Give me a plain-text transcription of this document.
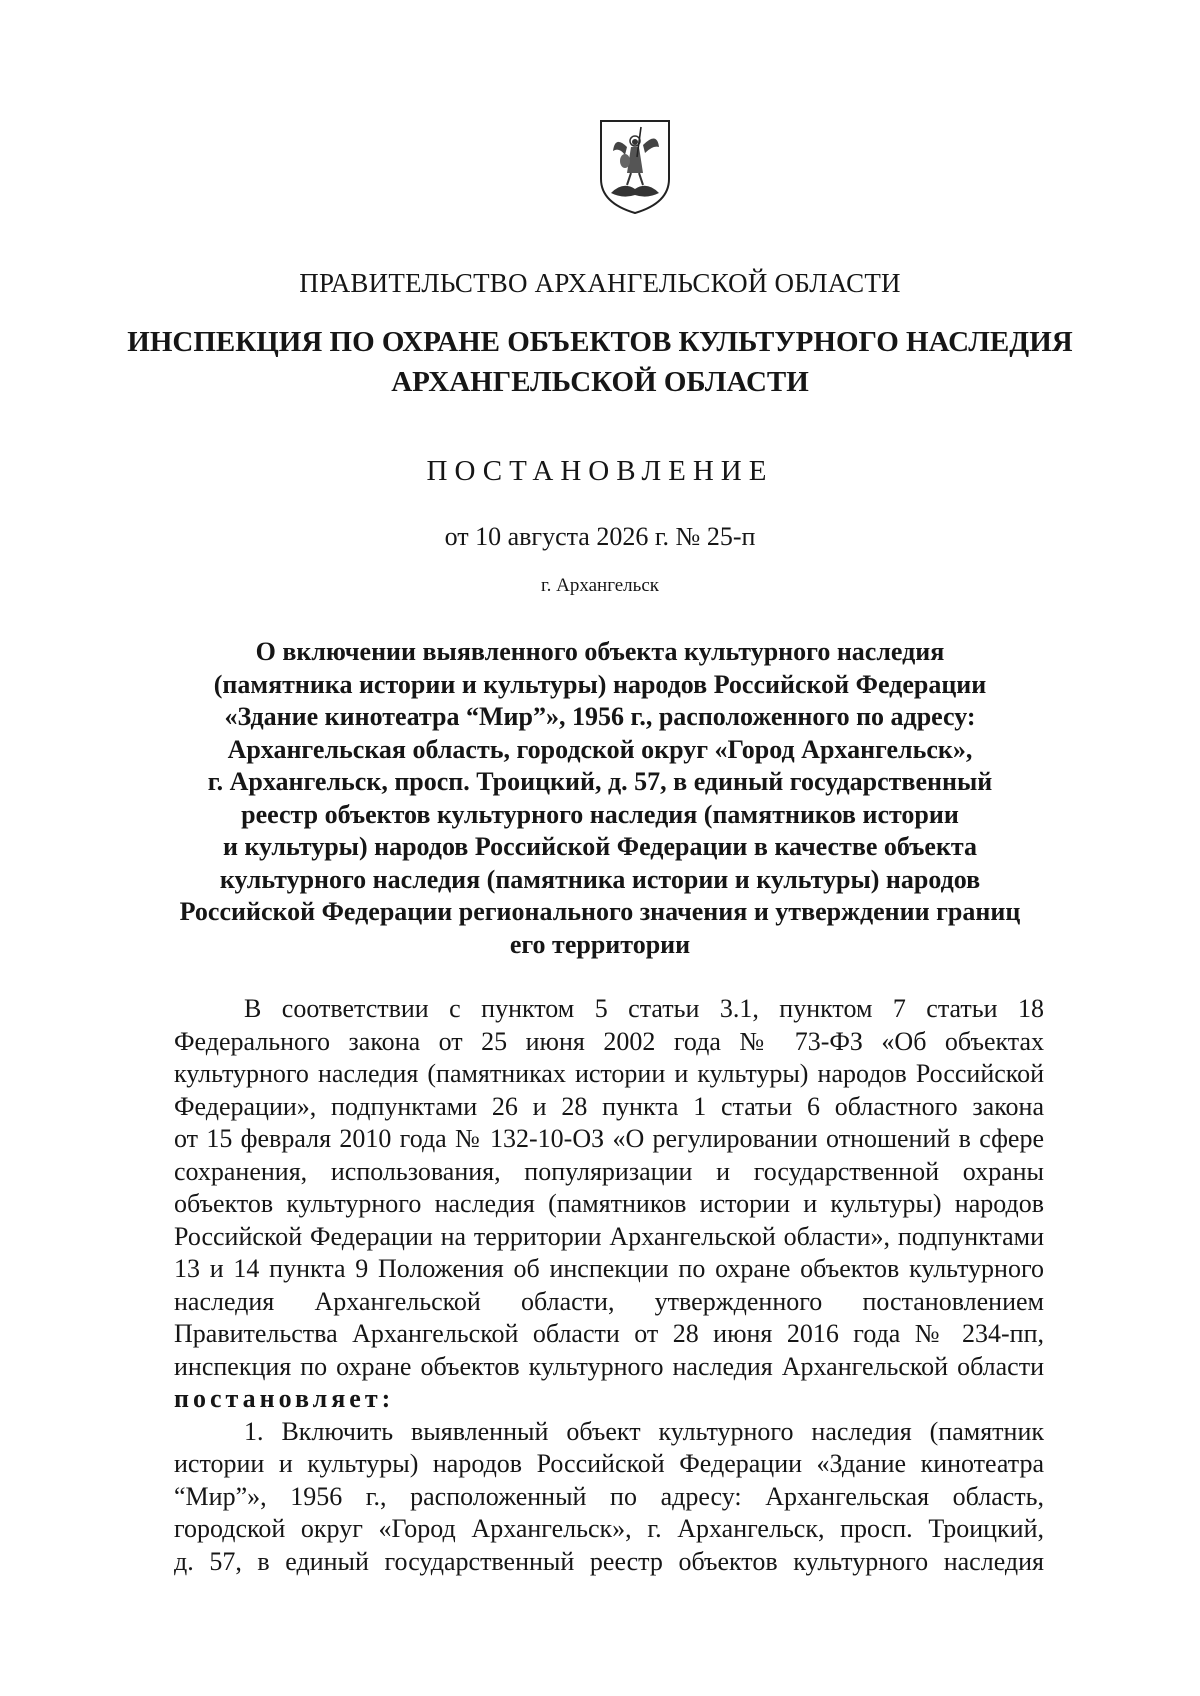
ПРАВИТЕЛЬСТВО АРХАНГЕЛЬСКОЙ ОБЛАСТИ
ИНСПЕКЦИЯ ПО ОХРАНЕ ОБЪЕКТОВ КУЛЬТУРНОГО НАСЛЕДИЯ
АРХАНГЕЛЬСКОЙ ОБЛАСТИ
ПОСТАНОВЛЕНИЕ
от 10 августа 2026 г. № 25-п
г. Архангельск
О включении выявленного объекта культурного наследия
(памятника истории и культуры) народов Российской Федерации
«Здание кинотеатра “Мир”», 1956 г., расположенного по адресу:
Архангельская область, городской округ «Город Архангельск»,
г. Архангельск, просп. Троицкий, д. 57, в единый государственный
реестр объектов культурного наследия (памятников истории
и культуры) народов Российской Федерации в качестве объекта
культурного наследия (памятника истории и культуры) народов
Российской Федерации регионального значения и утверждении границ
его территории
В соответствии с пунктом 5 статьи 3.1, пунктом 7 статьи 18
Федерального закона от 25 июня 2002 года № 73-ФЗ «Об объектах
культурного наследия (памятниках истории и культуры) народов Российской
Федерации», подпунктами 26 и 28 пункта 1 статьи 6 областного закона
от 15 февраля 2010 года № 132-10-ОЗ «О регулировании отношений в сфере
сохранения, использования, популяризации и государственной охраны
объектов культурного наследия (памятников истории и культуры) народов
Российской Федерации на территории Архангельской области», подпунктами
13 и 14 пункта 9 Положения об инспекции по охране объектов культурного
наследия Архангельской области, утвержденного постановлением
Правительства Архангельской области от 28 июня 2016 года № 234-пп,
инспекция по охране объектов культурного наследия Архангельской области
постановляет:
1. Включить выявленный объект культурного наследия (памятник
истории и культуры) народов Российской Федерации «Здание кинотеатра
“Мир”», 1956 г., расположенный по адресу: Архангельская область,
городской округ «Город Архангельск», г. Архангельск, просп. Троицкий,
д. 57, в единый государственный реестр объектов культурного наследия
